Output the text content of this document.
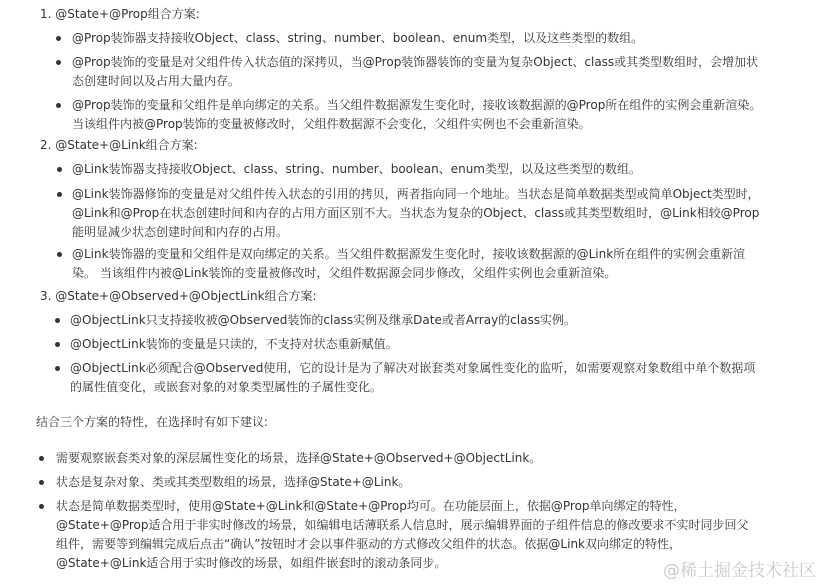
1. @State+@Prop组合方案:
@Prop装饰器支持接收Object、class、string、number、boolean、enum类型，以及这些类型的数组。
@Prop装饰的变量是对父组件传入状态值的深拷贝，当@Prop装饰器装饰的变量为复杂Object、class或其类型数组时，会增加状态创建时间以及占用大量内存。
@Prop装饰的变量和父组件是单向绑定的关系。当父组件数据源发生变化时，接收该数据源的@Prop所在组件的实例会重新渲染。 当该组件内被@Prop装饰的变量被修改时，父组件数据源不会变化，父组件实例也不会重新渲染。
2. @State+@Link组合方案:
@Link装饰器支持接收Object、class、string、number、boolean、enum类型，以及这些类型的数组。
@Link装饰器修饰的变量是对父组件传入状态的引用的拷贝，两者指向同一个地址。当状态是简单数据类型或简单Object类型时，@Link和@Prop在状态创建时间和内存的占用方面区别不大。当状态为复杂的Object、class或其类型数组时，@Link相较@Prop能明显减少状态创建时间和内存的占用。
@Link装饰器的变量和父组件是双向绑定的关系。当父组件数据源发生变化时，接收该数据源的@Link所在组件的实例会重新渲染。 当该组件内被@Link装饰的变量被修改时，父组件数据源会同步修改，父组件实例也会重新渲染。
3. @State+@Observed+@ObjectLink组合方案:
@ObjectLink只支持接收被@Observed装饰的class实例及继承Date或者Array的class实例。
@ObjectLink装饰的变量是只读的，不支持对状态重新赋值。
@ObjectLink必须配合@Observed使用，它的设计是为了解决对嵌套类对象属性变化的监听，如需要观察对象数组中单个数据项的属性值变化，或嵌套对象的对象类型属性的子属性变化。
结合三个方案的特性，在选择时有如下建议:
需要观察嵌套类对象的深层属性变化的场景，选择@State+@Observed+@ObjectLink。
状态是复杂对象、类或其类型数组的场景，选择@State+@Link。
状态是简单数据类型时，使用@State+@Link和@State+@Prop均可。在功能层面上，依据@Prop单向绑定的特性，@State+@Prop适合用于非实时修改的场景，如编辑电话薄联系人信息时，展示编辑界面的子组件信息的修改要求不实时同步回父组件，需要等到编辑完成后点击“确认”按钮时才会以事件驱动的方式修改父组件的状态。依据@Link双向绑定的特性，@State+@Link适合用于实时修改的场景，如组件嵌套时的滚动条同步。	@稀土掘金技术社区
